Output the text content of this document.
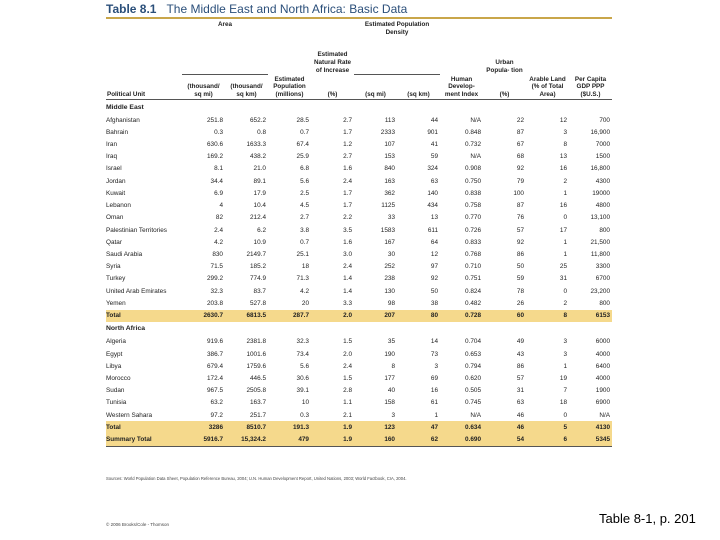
Table 8.1 The Middle East and North Africa: Basic Data
Political Unit	Area		Estimated Population (millions)	Estimated Natural Rate of Increase	Estimated Population Density		Human Develop- ment Index	Urban Popula- tion	Arable Land (% of Total Area)	Per Capita GDP PPP ($U.S.)
	(thousand/ sq mi)	(thousand/ sq km)		(%)	(sq mi)	(sq km)		(%)		
Middle East										
Afghanistan	251.8	652.2	28.5	2.7	113	44	N/A	22	12	700
Bahrain	0.3	0.8	0.7	1.7	2333	901	0.848	87	3	16,900
Iran	630.6	1633.3	67.4	1.2	107	41	0.732	67	8	7000
Iraq	169.2	438.2	25.9	2.7	153	59	N/A	68	13	1500
Israel	8.1	21.0	6.8	1.6	840	324	0.908	92	16	16,800
Jordan	34.4	89.1	5.6	2.4	163	63	0.750	79	2	4300
Kuwait	6.9	17.9	2.5	1.7	362	140	0.838	100	1	19000
Lebanon	4	10.4	4.5	1.7	1125	434	0.758	87	16	4800
Oman	82	212.4	2.7	2.2	33	13	0.770	76	0	13,100
Palestinian Territories	2.4	6.2	3.8	3.5	1583	611	0.726	57	17	800
Qatar	4.2	10.9	0.7	1.6	167	64	0.833	92	1	21,500
Saudi Arabia	830	2149.7	25.1	3.0	30	12	0.768	86	1	11,800
Syria	71.5	185.2	18	2.4	252	97	0.710	50	25	3300
Turkey	299.2	774.9	71.3	1.4	238	92	0.751	59	31	6700
United Arab Emirates	32.3	83.7	4.2	1.4	130	50	0.824	78	0	23,200
Yemen	203.8	527.8	20	3.3	98	38	0.482	26	2	800
Total	2630.7	6813.5	287.7	2.0	207	80	0.728	60	8	6153
North Africa										
Algeria	919.6	2381.8	32.3	1.5	35	14	0.704	49	3	6000
Egypt	386.7	1001.6	73.4	2.0	190	73	0.653	43	3	4000
Libya	679.4	1759.6	5.6	2.4	8	3	0.794	86	1	6400
Morocco	172.4	446.5	30.6	1.5	177	69	0.620	57	19	4000
Sudan	967.5	2505.8	39.1	2.8	40	16	0.505	31	7	1900
Tunisia	63.2	163.7	10	1.1	158	61	0.745	63	18	6900
Western Sahara	97.2	251.7	0.3	2.1	3	1	N/A	46	0	N/A
Total	3286	8510.7	191.3	1.9	123	47	0.634	46	5	4130
Summary Total	5916.7	15,324.2	479	1.9	160	62	0.690	54	6	5345
Sources: World Population Data Sheet, Population Reference Bureau, 2004; U.N. Human Development Report, United Nations, 2003; World Factbook, CIA, 2004.
© 2006 Brooks/Cole - Thomson	Table 8-1, p. 201
